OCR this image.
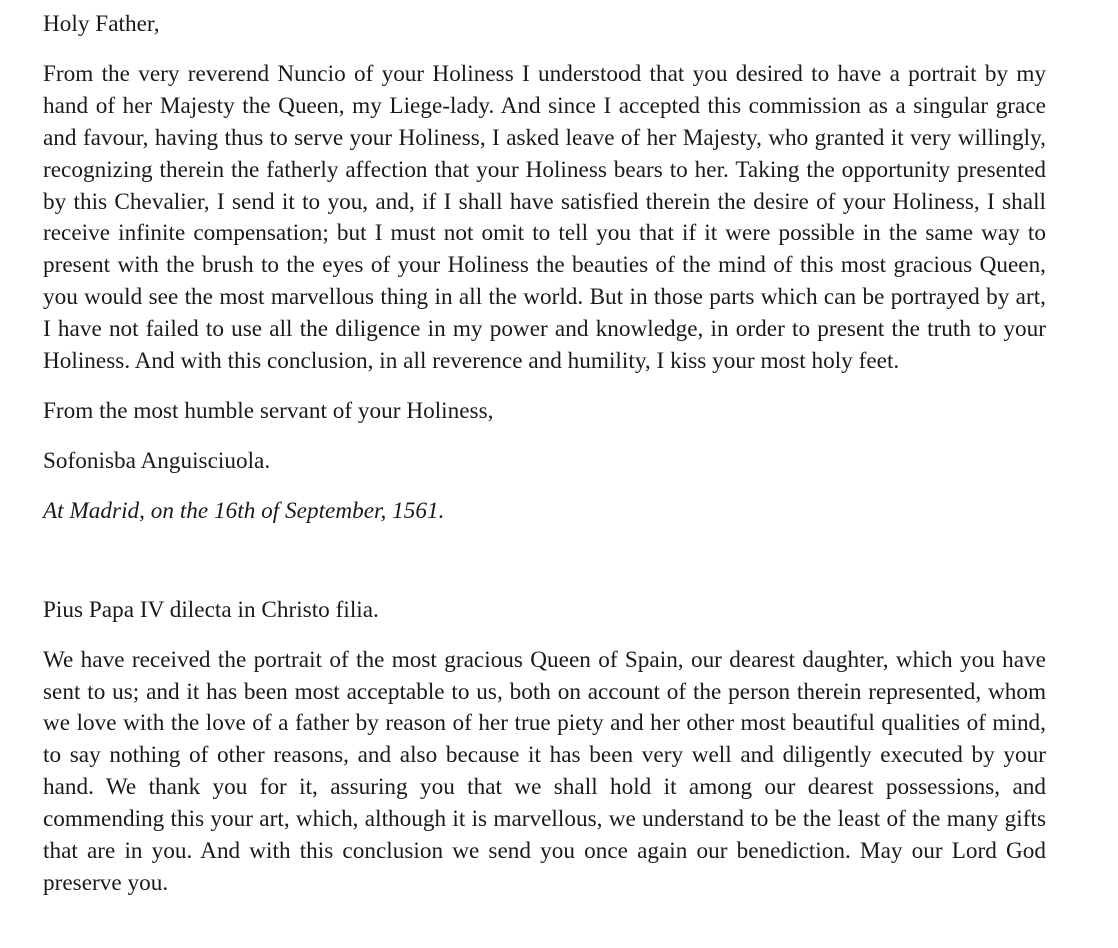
Holy Father,

From the very reverend Nuncio of your Holiness I understood that you desired to have a portrait by my hand of her Majesty the Queen, my Liege-lady. And since I accepted this commission as a singular grace and favour, having thus to serve your Holiness, I asked leave of her Majesty, who granted it very willingly, recognizing therein the fatherly affection that your Holiness bears to her. Taking the opportunity presented by this Chevalier, I send it to you, and, if I shall have satisfied therein the desire of your Holiness, I shall receive infinite compensation; but I must not omit to tell you that if it were possible in the same way to present with the brush to the eyes of your Holiness the beauties of the mind of this most gracious Queen, you would see the most marvellous thing in all the world. But in those parts which can be portrayed by art, I have not failed to use all the diligence in my power and knowledge, in order to present the truth to your Holiness. And with this conclusion, in all reverence and humility, I kiss your most holy feet.

From the most humble servant of your Holiness,

Sofonisba Anguisciuola.

At Madrid, on the 16th of September, 1561.

Pius Papa IV dilecta in Christo filia.

We have received the portrait of the most gracious Queen of Spain, our dearest daughter, which you have sent to us; and it has been most acceptable to us, both on account of the person therein represented, whom we love with the love of a father by reason of her true piety and her other most beautiful qualities of mind, to say nothing of other reasons, and also because it has been very well and diligently executed by your hand. We thank you for it, assuring you that we shall hold it among our dearest possessions, and commending this your art, which, although it is marvellous, we understand to be the least of the many gifts that are in you. And with this conclusion we send you once again our benediction. May our Lord God preserve you.
